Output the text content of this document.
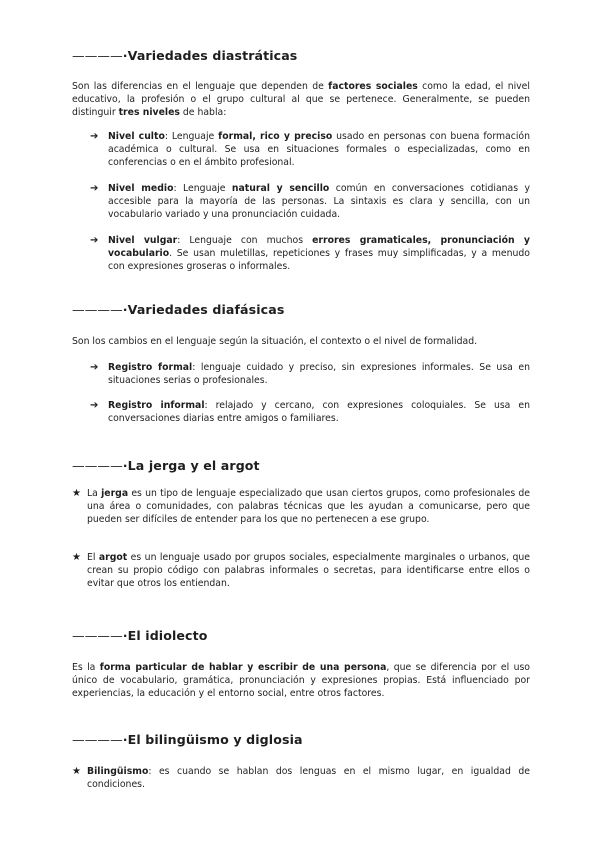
————·Variedades diastráticas
Son las diferencias en el lenguaje que dependen de factores sociales como la edad, el nivel educativo, la profesión o el grupo cultural al que se pertenece. Generalmente, se pueden distinguir tres niveles de habla:
➔ Nivel culto: Lenguaje formal, rico y preciso usado en personas con buena formación académica o cultural. Se usa en situaciones formales o especializadas, como en conferencias o en el ámbito profesional.
➔ Nivel medio: Lenguaje natural y sencillo común en conversaciones cotidianas y accesible para la mayoría de las personas. La sintaxis es clara y sencilla, con un vocabulario variado y una pronunciación cuidada.
➔ Nivel vulgar: Lenguaje con muchos errores gramaticales, pronunciación y vocabulario. Se usan muletillas, repeticiones y frases muy simplificadas, y a menudo con expresiones groseras o informales.
————·Variedades diafásicas
Son los cambios en el lenguaje según la situación, el contexto o el nivel de formalidad.
➔ Registro formal: lenguaje cuidado y preciso, sin expresiones informales. Se usa en situaciones serias o profesionales.
➔ Registro informal: relajado y cercano, con expresiones coloquiales. Se usa en conversaciones diarias entre amigos o familiares.
————·La jerga y el argot
★ La jerga es un tipo de lenguaje especializado que usan ciertos grupos, como profesionales de una área o comunidades, con palabras técnicas que les ayudan a comunicarse, pero que pueden ser difíciles de entender para los que no pertenecen a ese grupo.
★ El argot es un lenguaje usado por grupos sociales, especialmente marginales o urbanos, que crean su propio código con palabras informales o secretas, para identificarse entre ellos o evitar que otros los entiendan.
————·El idiolecto
Es la forma particular de hablar y escribir de una persona, que se diferencia por el uso único de vocabulario, gramática, pronunciación y expresiones propias. Está influenciado por experiencias, la educación y el entorno social, entre otros factores.
————·El bilingüismo y diglosia
★ Bilingüismo: es cuando se hablan dos lenguas en el mismo lugar, en igualdad de condiciones.
